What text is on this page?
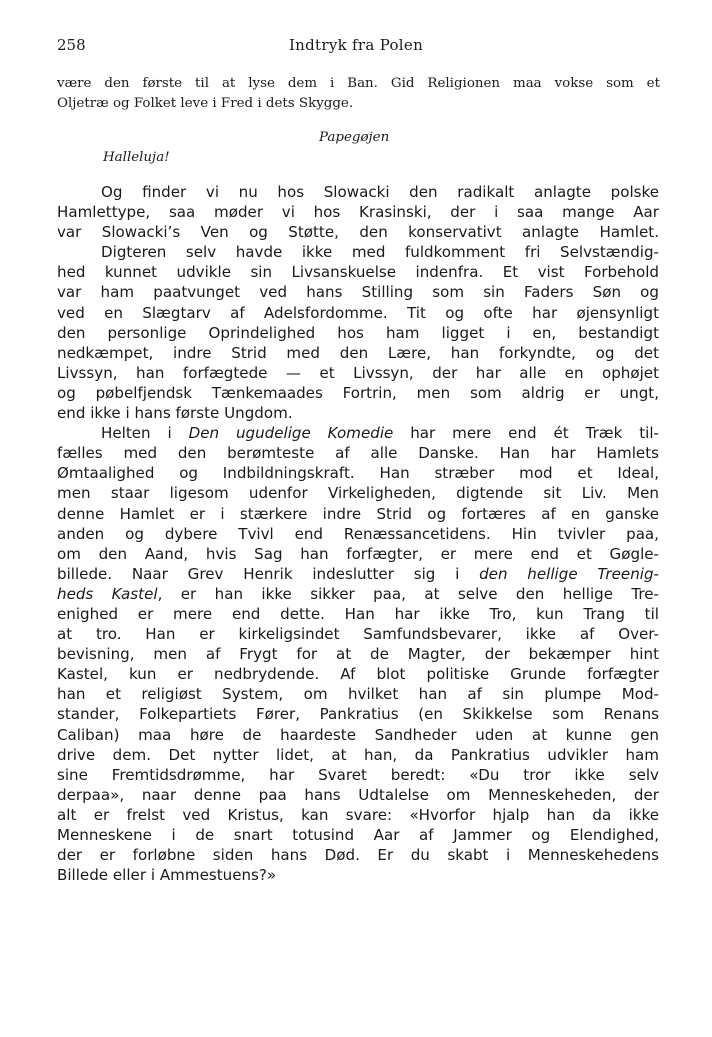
258	Indtryk fra Polen
være den første til at lyse dem i Ban. Gid Religionen maa vokse som et
Oljetræ og Folket leve i Fred i dets Skygge.
Papegøjen
Halleluja!
Og finder vi nu hos Slowacki den radikalt anlagte polske
Hamlettype, saa møder vi hos Krasinski, der i saa mange Aar
var Slowacki’s Ven og Støtte, den konservativt anlagte Hamlet.
Digteren selv havde ikke med fuldkomment fri Selvstændig-
hed kunnet udvikle sin Livsanskuelse indenfra. Et vist Forbehold
var ham paatvunget ved hans Stilling som sin Faders Søn og
ved en Slægtarv af Adelsfordomme. Tit og ofte har øjensynligt
den personlige Oprindelighed hos ham ligget i en, bestandigt
nedkæmpet, indre Strid med den Lære, han forkyndte, og det
Livssyn, han forfægtede — et Livssyn, der har alle en ophøjet
og pøbelfjendsk Tænkemaades Fortrin, men som aldrig er ungt,
end ikke i hans første Ungdom.
Helten i Den ugudelige Komedie har mere end ét Træk til-
fælles med den berømteste af alle Danske. Han har Hamlets
Ømtaalighed og Indbildningskraft. Han stræber mod et Ideal,
men staar ligesom udenfor Virkeligheden, digtende sit Liv. Men
denne Hamlet er i stærkere indre Strid og fortæres af en ganske
anden og dybere Tvivl end Renæssancetidens. Hin tvivler paa,
om den Aand, hvis Sag han forfægter, er mere end et Gøgle-
billede. Naar Grev Henrik indeslutter sig i den hellige Treenig-
heds Kastel, er han ikke sikker paa, at selve den hellige Tre-
enighed er mere end dette. Han har ikke Tro, kun Trang til
at tro. Han er kirkeligsindet Samfundsbevarer, ikke af Over-
bevisning, men af Frygt for at de Magter, der bekæmper hint
Kastel, kun er nedbrydende. Af blot politiske Grunde forfægter
han et religiøst System, om hvilket han af sin plumpe Mod-
stander, Folkepartiets Fører, Pankratius (en Skikkelse som Renans
Caliban) maa høre de haardeste Sandheder uden at kunne gen
drive dem. Det nytter lidet, at han, da Pankratius udvikler ham
sine Fremtidsdrømme, har Svaret beredt: «Du tror ikke selv
derpaa», naar denne paa hans Udtalelse om Menneskeheden, der
alt er frelst ved Kristus, kan svare: «Hvorfor hjalp han da ikke
Menneskene i de snart totusind Aar af Jammer og Elendighed,
der er forløbne siden hans Død. Er du skabt i Menneskehedens
Billede eller i Ammestuens?»
